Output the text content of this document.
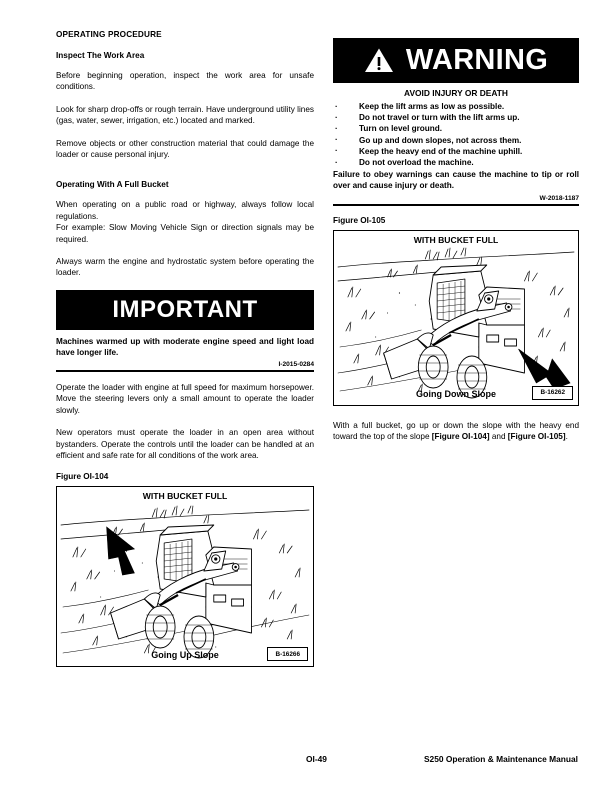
OPERATING PROCEDURE
Inspect The Work Area

Before beginning operation, inspect the work area for unsafe conditions.

Look for sharp drop-offs or rough terrain. Have underground utility lines (gas, water, sewer, irrigation, etc.) located and marked.

Remove objects or other construction material that could damage the loader or cause personal injury.

Operating With A Full Bucket

When operating on a public road or highway, always follow local regulations.

For example: Slow Moving Vehicle Sign or direction signals may be required.

Always warm the engine and hydrostatic system before operating the loader.

IMPORTANT
Machines warmed up with moderate engine speed and light load have longer life.
I-2015-0284

Operate the loader with engine at full speed for maximum horsepower. Move the steering levers only a small amount to operate the loader slowly.

New operators must operate the loader in an open area without bystanders. Operate the controls until the loader can be handled at an efficient and safe rate for all conditions of the work area.

Figure OI-104
WITH BUCKET FULL
Going Up Slope	B-16266
WARNING
AVOID INJURY OR DEATH
·	Keep the lift arms as low as possible.
·	Do not travel or turn with the lift arms up.
·	Turn on level ground.
·	Go up and down slopes, not across them.
·	Keep the heavy end of the machine uphill.
·	Do not overload the machine.
Failure to obey warnings can cause the machine to tip or roll over and cause injury or death.
W-2018-1187
Figure OI-105
WITH BUCKET FULL
Going Down Slope	B-16262

With a full bucket, go up or down the slope with the heavy end toward the top of the slope [Figure OI-104] and [Figure OI-105].

OI-49	S250 Operation & Maintenance Manual
